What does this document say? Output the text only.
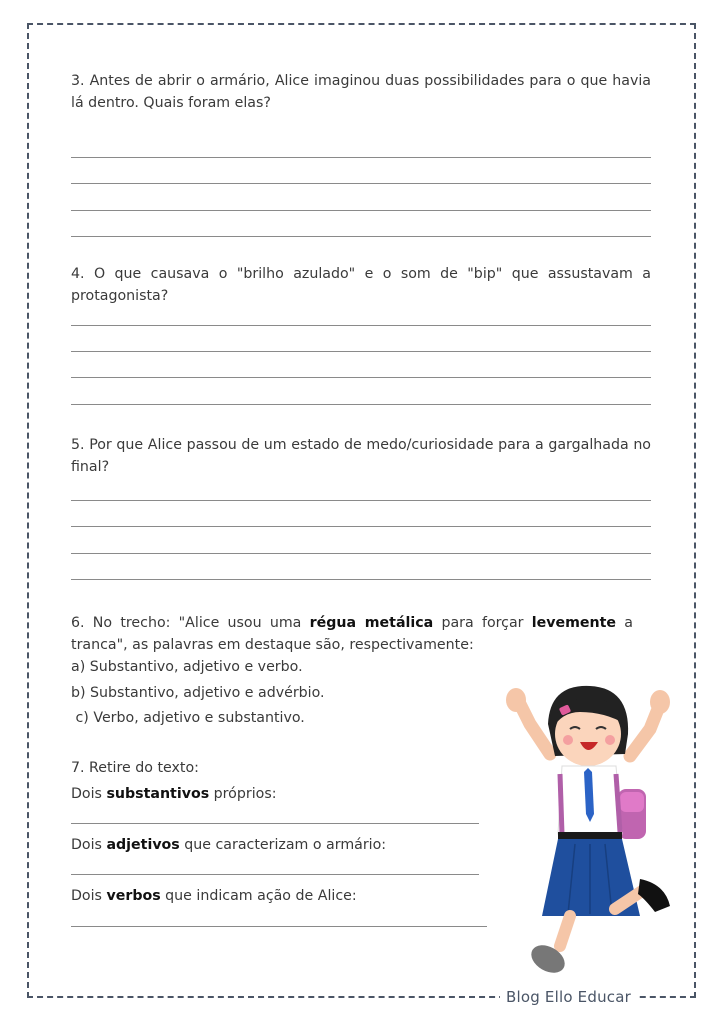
Blog Ello Educar
3. Antes de abrir o armário, Alice imaginou duas possibilidades para o que havia lá dentro. Quais foram elas?
4. O que causava o "brilho azulado" e o som de "bip" que assustavam a protagonista?
5. Por que Alice passou de um estado de medo/curiosidade para a gargalhada no final?
6. No trecho: "Alice usou uma régua metálica para forçar levemente a tranca", as palavras em destaque são, respectivamente:
a) Substantivo, adjetivo e verbo.
b) Substantivo, adjetivo e advérbio.
c) Verbo, adjetivo e substantivo.
7. Retire do texto:
Dois substantivos próprios:
Dois adjetivos que caracterizam o armário:
Dois verbos que indicam ação de Alice:
